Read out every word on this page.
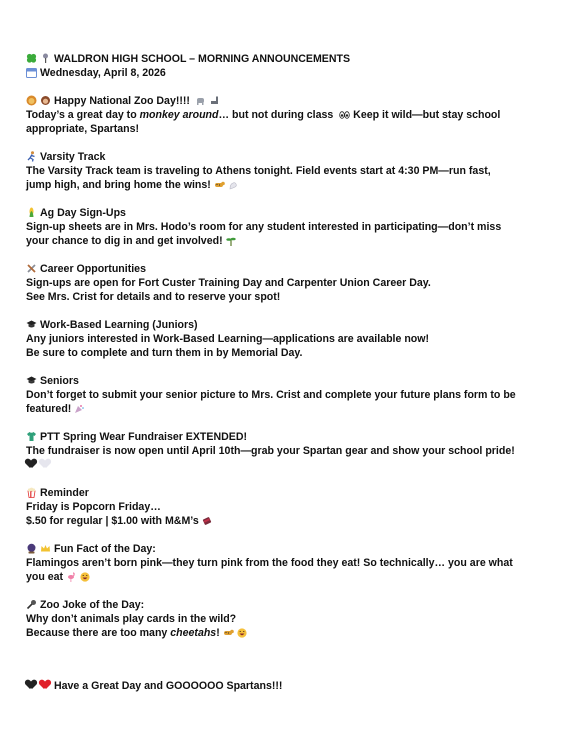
WALDRON HIGH SCHOOL – MORNING ANNOUNCEMENTS
Wednesday, April 8, 2026
Happy National Zoo Day!!!!
Today’s a great day to monkey around… but not during class  Keep it wild—but stay school
appropriate, Spartans!
Varsity Track
The Varsity Track team is traveling to Athens tonight. Field events start at 4:30 PM—run fast,
jump high, and bring home the wins!
Ag Day Sign-Ups
Sign-up sheets are in Mrs. Hodo’s room for any student interested in participating—don’t miss
your chance to dig in and get involved!
Career Opportunities
Sign-ups are open for Fort Custer Training Day and Carpenter Union Career Day.
See Mrs. Crist for details and to reserve your spot!
Work-Based Learning (Juniors)
Any juniors interested in Work-Based Learning—applications are available now!
Be sure to complete and turn them in by Memorial Day.
Seniors
Don’t forget to submit your senior picture to Mrs. Crist and complete your future plans form to be
featured!
PTT Spring Wear Fundraiser EXTENDED!
The fundraiser is now open until April 10th—grab your Spartan gear and show your school pride!
Reminder
Friday is Popcorn Friday…
$.50 for regular | $1.00 with M&M’s
Fun Fact of the Day:
Flamingos aren’t born pink—they turn pink from the food they eat! So technically… you are what
you eat
Zoo Joke of the Day:
Why don’t animals play cards in the wild?
Because there are too many cheetahs!
Have a Great Day and GOOOOOO Spartans!!!
